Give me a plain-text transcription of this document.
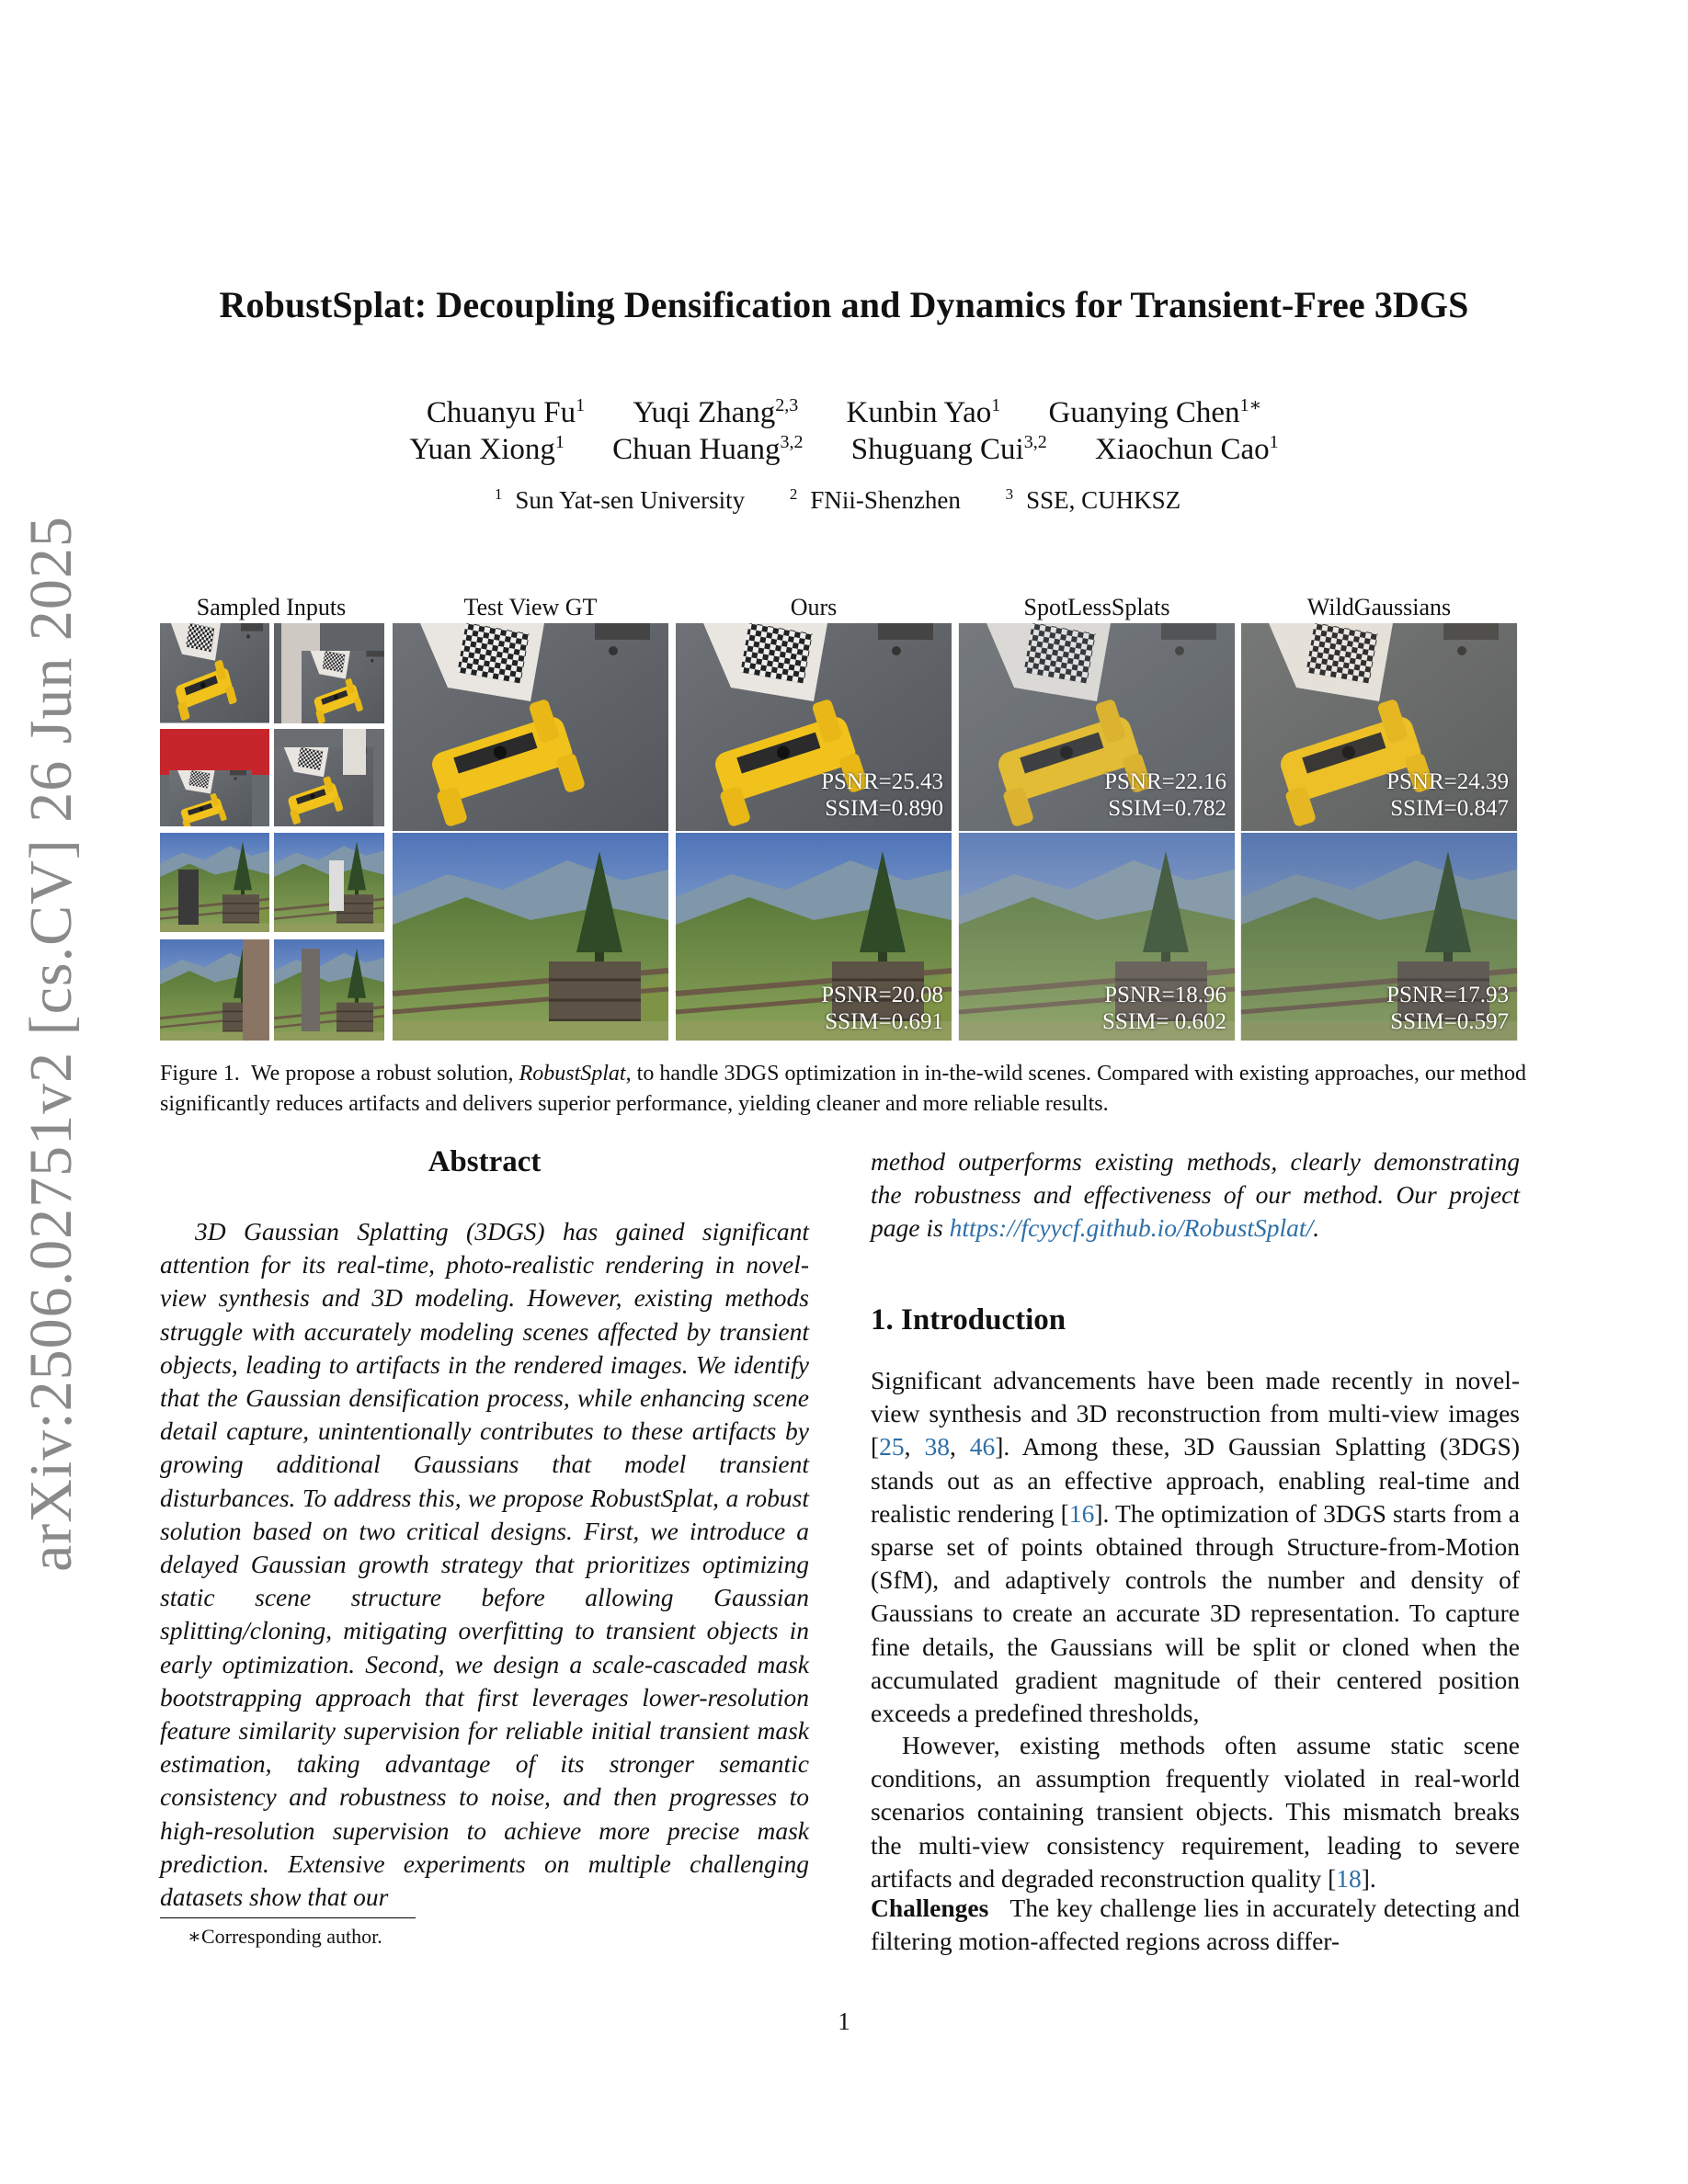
RobustSplat: Decoupling Densification and Dynamics for Transient-Free 3DGS
Chuanyu Fu$^1$ Yuqi Zhang$^{2,3}$ Kunbin Yao$^1$ Guanying Chen$^{1∗}$
Yuan Xiong$^1$ Chuan Huang$^{3,2}$ Shuguang Cui$^{3,2}$ Xiaochun Cao$^1$
$^1$ Sun Yat-sen University	$^2$ FNii-Shenzhen	$^3$ SSE, CUHKSZ
arXiv:2506.02751v2 [cs.CV] 26 Jun 2025	Sampled Inputs	Test View GT	Ours	SpotLessSplats	WildGaussians
PSNR=25.43
SSIM=0.890
PSNR=22.16
SSIM=0.782
PSNR=24.39
SSIM=0.847
PSNR=20.08
SSIM=0.691
PSNR=18.96
SSIM= 0.602
PSNR=17.93
SSIM=0.597
Figure 1. We propose a robust solution, RobustSplat, to handle 3DGS optimization in in-the-wild scenes. Compared with existing approaches, our method significantly reduces artifacts and delivers superior performance, yielding cleaner and more reliable results.
Abstract
3D Gaussian Splatting (3DGS) has gained significant attention for its real-time, photo-realistic rendering in novel-view synthesis and 3D modeling. However, existing methods struggle with accurately modeling scenes affected by transient objects, leading to artifacts in the rendered images. We identify that the Gaussian densification process, while enhancing scene detail capture, unintentionally contributes to these artifacts by growing additional Gaussians that model transient disturbances. To address this, we propose RobustSplat, a robust solution based on two critical designs. First, we introduce a delayed Gaussian growth strategy that prioritizes optimizing static scene structure before allowing Gaussian splitting/cloning, mitigating overfitting to transient objects in early optimization. Second, we design a scale-cascaded mask bootstrapping approach that first leverages lower-resolution feature similarity supervision for reliable initial transient mask estimation, taking advantage of its stronger semantic consistency and robustness to noise, and then progresses to high-resolution supervision to achieve more precise mask prediction. Extensive experiments on multiple challenging datasets show that our
method outperforms existing methods, clearly demonstrating the robustness and effectiveness of our method. Our project page is https://fcyycf.github.io/RobustSplat/.
1. Introduction
Significant advancements have been made recently in novel-view synthesis and 3D reconstruction from multi-view images [25, 38, 46]. Among these, 3D Gaussian Splatting (3DGS) stands out as an effective approach, enabling real-time and realistic rendering [16]. The optimization of 3DGS starts from a sparse set of points obtained through Structure-from-Motion (SfM), and adaptively controls the number and density of Gaussians to create an accurate 3D representation. To capture fine details, the Gaussians will be split or cloned when the accumulated gradient magnitude of their centered position exceeds a predefined thresholds,
However, existing methods often assume static scene conditions, an assumption frequently violated in real-world scenarios containing transient objects. This mismatch breaks the multi-view consistency requirement, leading to severe artifacts and degraded reconstruction quality [18].
Challenges The key challenge lies in accurately detecting and filtering motion-affected regions across differ-
∗Corresponding author.
1
